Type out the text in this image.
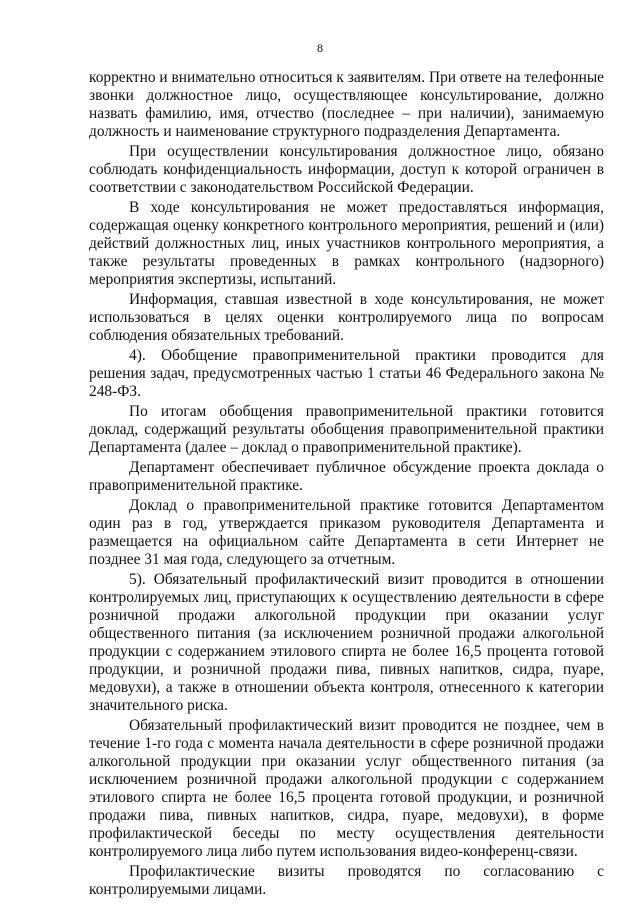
8

корректно и внимательно относиться к заявителям. При ответе на телефонные звонки должностное лицо, осуществляющее консультирование, должно назвать фамилию, имя, отчество (последнее – при наличии), занимаемую должность и наименование структурного подразделения Департамента.

При осуществлении консультирования должностное лицо, обязано соблюдать конфиденциальность информации, доступ к которой ограничен в соответствии с законодательством Российской Федерации.

В ходе консультирования не может предоставляться информация, содержащая оценку конкретного контрольного мероприятия, решений и (или) действий должностных лиц, иных участников контрольного мероприятия, а также результаты проведенных в рамках контрольного (надзорного) мероприятия экспертизы, испытаний.

Информация, ставшая известной в ходе консультирования, не может использоваться в целях оценки контролируемого лица по вопросам соблюдения обязательных требований.

4). Обобщение правоприменительной практики проводится для решения задач, предусмотренных частью 1 статьи 46 Федерального закона № 248-ФЗ.

По итогам обобщения правоприменительной практики готовится доклад, содержащий результаты обобщения правоприменительной практики Департамента (далее – доклад о правоприменительной практике).

Департамент обеспечивает публичное обсуждение проекта доклада о правоприменительной практике.

Доклад о правоприменительной практике готовится Департаментом один раз в год, утверждается приказом руководителя Департамента и размещается на официальном сайте Департамента в сети Интернет не позднее 31 мая года, следующего за отчетным.

5). Обязательный профилактический визит проводится в отношении контролируемых лиц, приступающих к осуществлению деятельности в сфере розничной продажи алкогольной продукции при оказании услуг общественного питания (за исключением розничной продажи алкогольной продукции с содержанием этилового спирта не более 16,5 процента готовой продукции, и розничной продажи пива, пивных напитков, сидра, пуаре, медовухи), а также в отношении объекта контроля, отнесенного к категории значительного риска.

Обязательный профилактический визит проводится не позднее, чем в течение 1-го года с момента начала деятельности в сфере розничной продажи алкогольной продукции при оказании услуг общественного питания (за исключением розничной продажи алкогольной продукции с содержанием этилового спирта не более 16,5 процента готовой продукции, и розничной продажи пива, пивных напитков, сидра, пуаре, медовухи), в форме профилактической беседы по месту осуществления деятельности контролируемого лица либо путем использования видео-конференц-связи.

Профилактические визиты проводятся по согласованию с контролируемыми лицами.
